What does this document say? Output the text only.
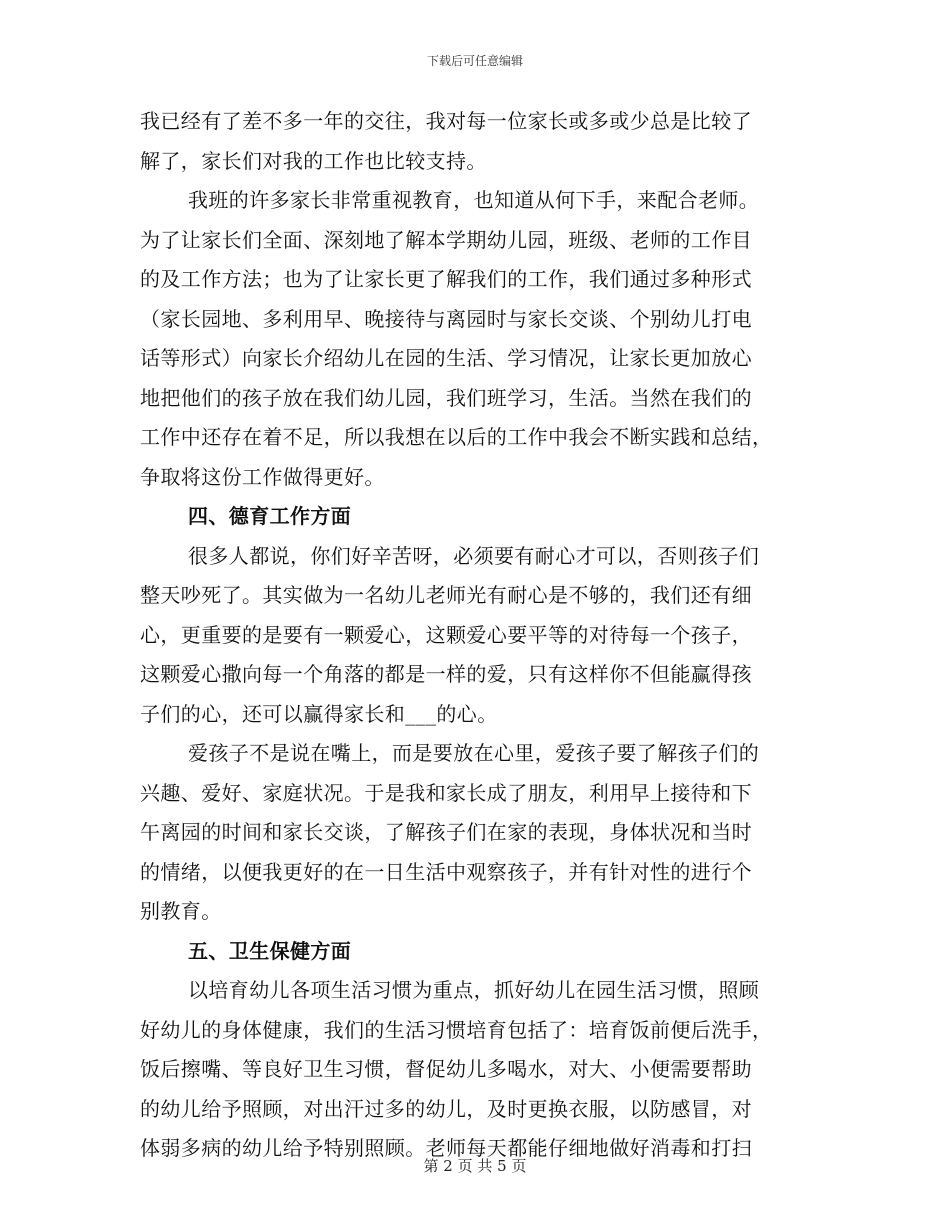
下载后可任意编辑
我已经有了差不多一年的交往，我对每一位家长或多或少总是比较了
解了，家长们对我的工作也比较支持。
我班的许多家长非常重视教育，也知道从何下手，来配合老师。
为了让家长们全面、深刻地了解本学期幼儿园，班级、老师的工作目
的及工作方法；也为了让家长更了解我们的工作，我们通过多种形式
（家长园地、多利用早、晚接待与离园时与家长交谈、个别幼儿打电
话等形式）向家长介绍幼儿在园的生活、学习情况，让家长更加放心
地把他们的孩子放在我们幼儿园，我们班学习，生活。当然在我们的
工作中还存在着不足，所以我想在以后的工作中我会不断实践和总结，
争取将这份工作做得更好。
四、德育工作方面
很多人都说，你们好辛苦呀，必须要有耐心才可以，否则孩子们
整天吵死了。其实做为一名幼儿老师光有耐心是不够的，我们还有细
心，更重要的是要有一颗爱心，这颗爱心要平等的对待每一个孩子，
这颗爱心撒向每一个角落的都是一样的爱，只有这样你不但能赢得孩
子们的心，还可以赢得家长和___的心。
爱孩子不是说在嘴上，而是要放在心里，爱孩子要了解孩子们的
兴趣、爱好、家庭状况。于是我和家长成了朋友，利用早上接待和下
午离园的时间和家长交谈，了解孩子们在家的表现，身体状况和当时
的情绪，以便我更好的在一日生活中观察孩子，并有针对性的进行个
别教育。
五、卫生保健方面
以培育幼儿各项生活习惯为重点，抓好幼儿在园生活习惯，照顾
好幼儿的身体健康，我们的生活习惯培育包括了：培育饭前便后洗手，
饭后擦嘴、等良好卫生习惯，督促幼儿多喝水，对大、小便需要帮助
的幼儿给予照顾，对出汗过多的幼儿，及时更换衣服，以防感冒，对
体弱多病的幼儿给予特别照顾。老师每天都能仔细地做好消毒和打扫
第 2 页 共 5 页
